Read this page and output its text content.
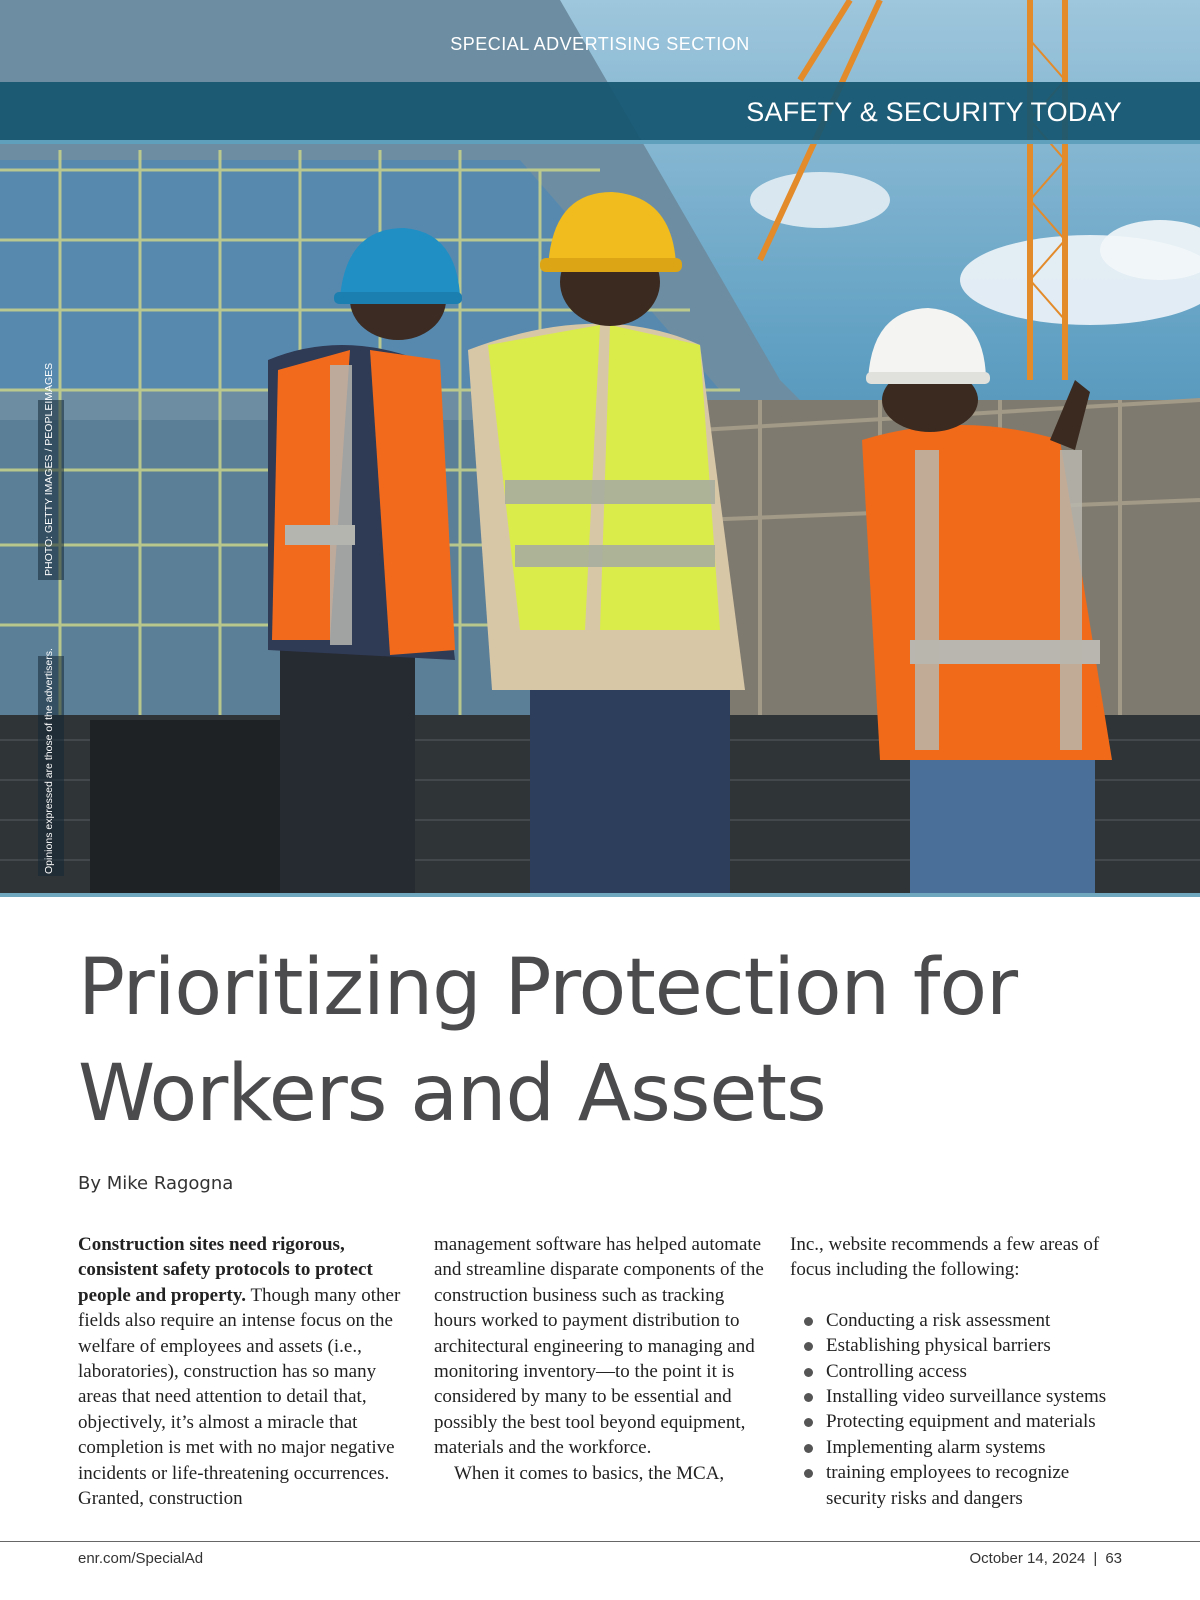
SPECIAL ADVERTISING SECTION
SAFETY & SECURITY TODAY
PHOTO: GETTY IMAGES / PEOPLEIMAGES
Opinions expressed are those of the advertisers.
Prioritizing Protection for
Workers and Assets
By Mike Ragogna
Construction sites need rigorous, consistent safety protocols to protect people and property. Though many other fields also require an intense focus on the welfare of employees and assets (i.e., laboratories), construction has so many areas that need attention to detail that, objectively, it’s almost a miracle that completion is met with no major negative incidents or life-threatening occurrences. Granted, construction
management software has helped automate and streamline disparate components of the construction business such as tracking hours worked to payment distribution to architectural engineering to managing and monitoring inventory—to the point it is considered by many to be essential and possibly the best tool beyond equipment, materials and the workforce.
When it comes to basics, the MCA,
Inc., website recommends a few areas of focus including the following:
Conducting a risk assessment
Establishing physical barriers
Controlling access
Installing video surveillance systems
Protecting equipment and materials
Implementing alarm systems
training employees to recognize security risks and dangers
enr.com/SpecialAd	October 14, 2024 | 63
